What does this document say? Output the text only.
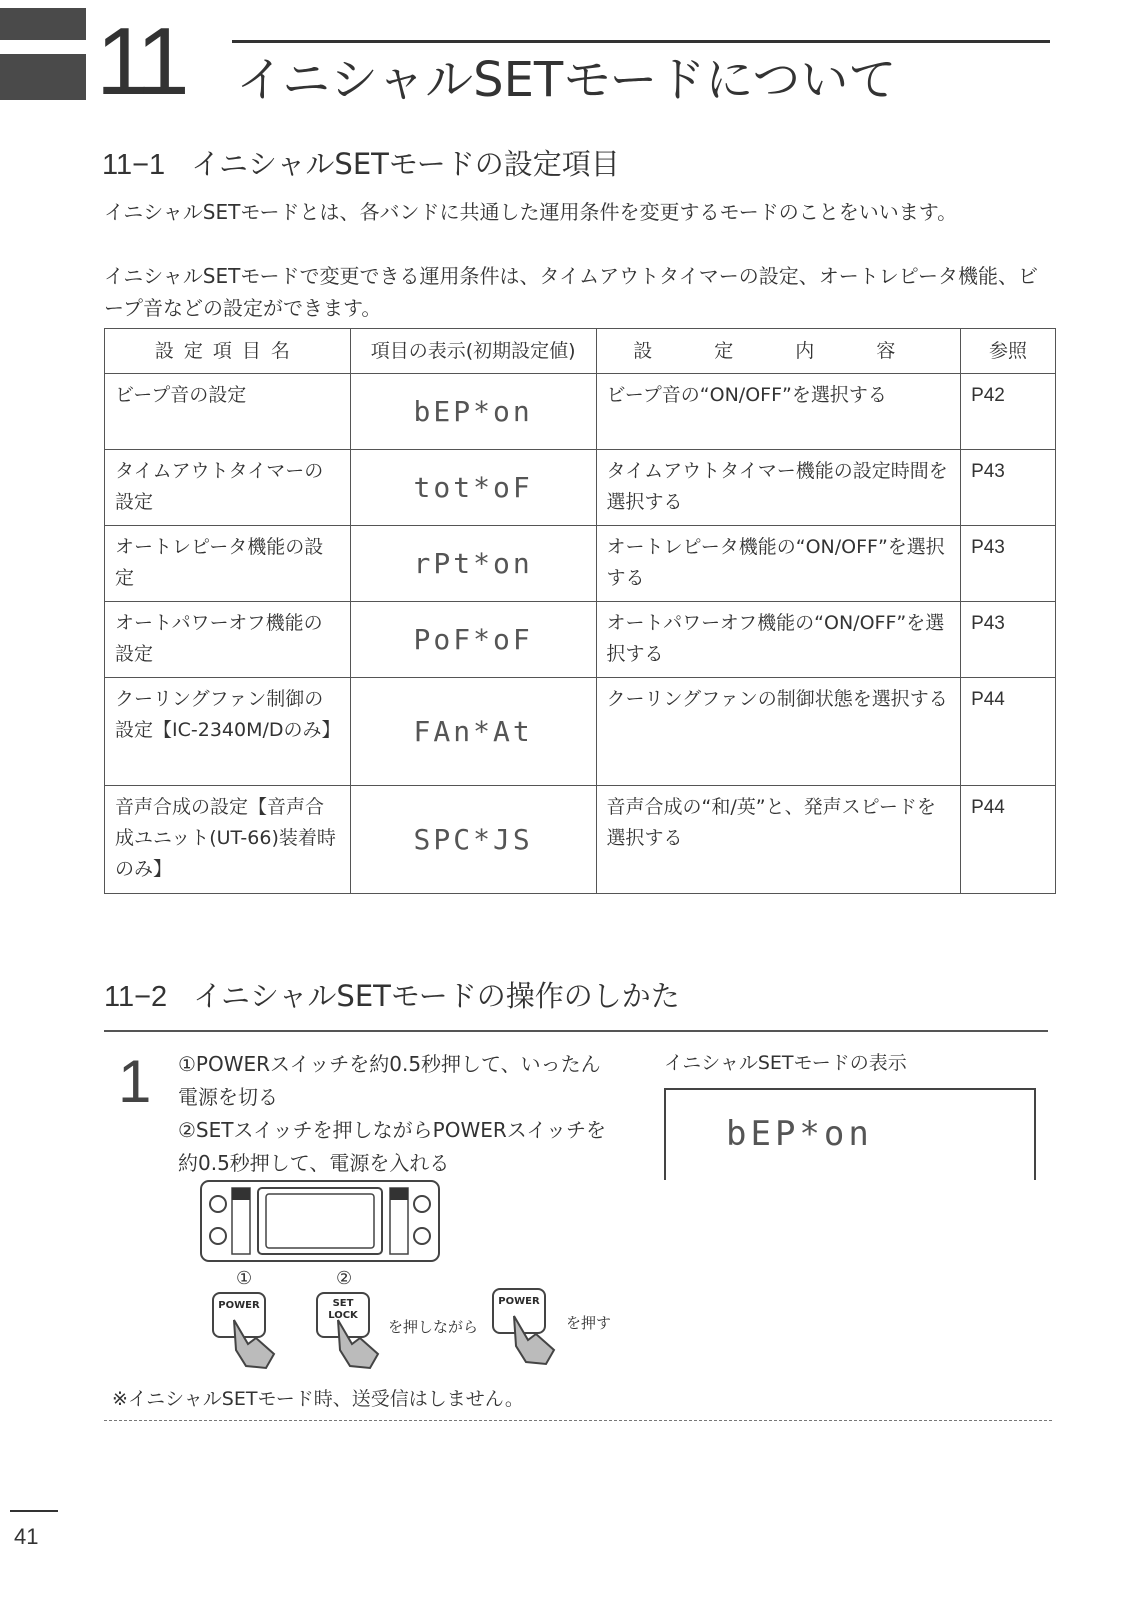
11 イニシャルSETモードについて
11−1 イニシャルSETモードの設定項目
イニシャルSETモードとは、各バンドに共通した運用条件を変更するモードのことをいいます。
イニシャルSETモードで変更できる運用条件は、タイムアウトタイマーの設定、オートレピータ機能、ビープ音などの設定ができます。
設定項目名	項目の表示(初期設定値)	設 定 内 容	参照
ビープ音の設定	bEP*on	ビープ音の“ON/OFF”を選択する	P42
タイムアウトタイマーの設定	tot*oF	タイムアウトタイマー機能の設定時間を選択する	P43
オートレピータ機能の設定	rPt*on	オートレピータ機能の“ON/OFF”を選択する	P43
オートパワーオフ機能の設定	PoF*oF	オートパワーオフ機能の“ON/OFF”を選択する	P43
クーリングファン制御の設定【IC-2340M/Dのみ】	FAn*At	クーリングファンの制御状態を選択する	P44
音声合成の設定【音声合成ユニット(UT-66)装着時のみ】	SPC*JS	音声合成の“和/英”と、発声スピードを選択する	P44
11−2 イニシャルSETモードの操作のしかた
1 ①POWERスイッチを約0.5秒押して、いったん電源を切る
②SETスイッチを押しながらPOWERスイッチを約0.5秒押して、電源を入れる
イニシャルSETモードの表示
bEP*on
①	②
POWER	SET
LOCK
を押しながら
POWER
を押す
※イニシャルSETモード時、送受信はしません。
41
